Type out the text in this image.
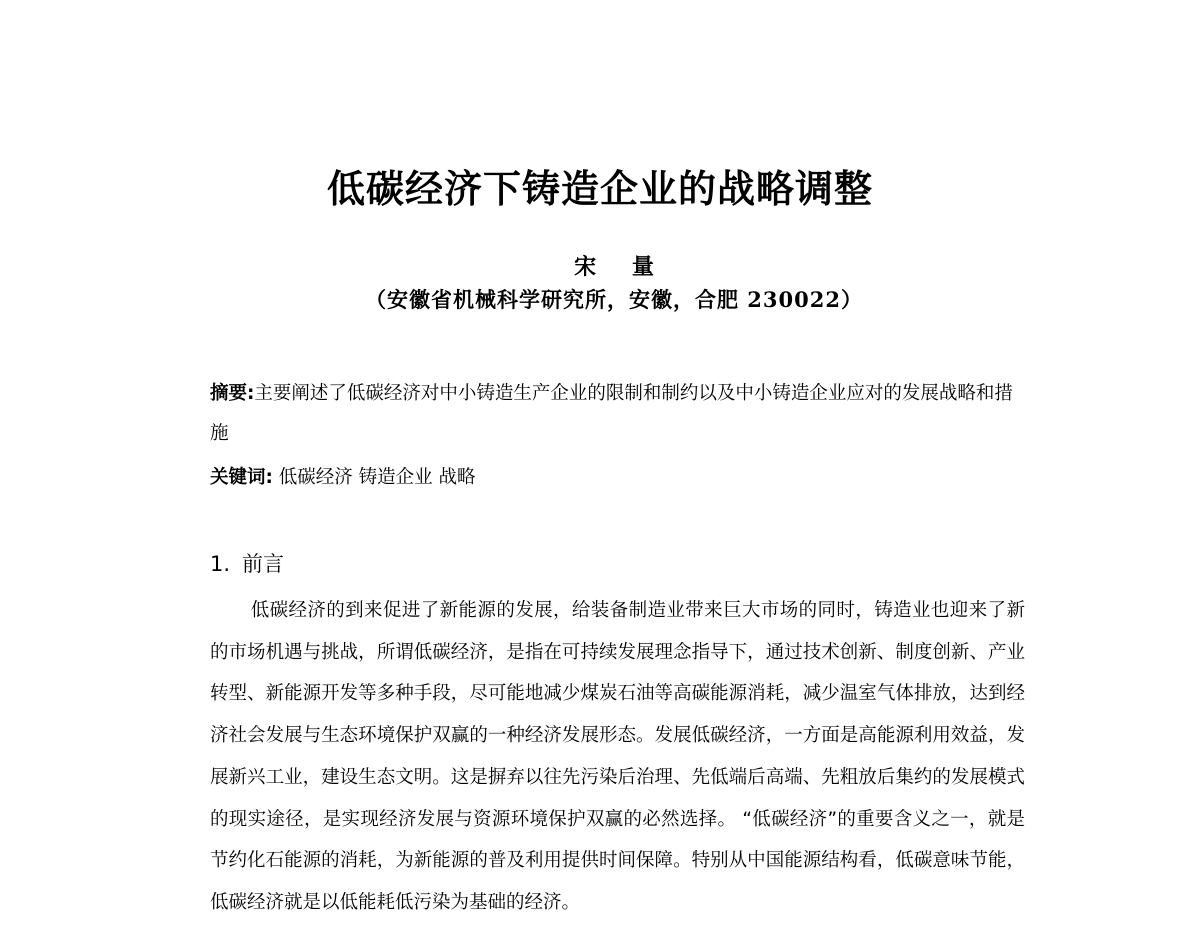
低碳经济下铸造企业的战略调整
宋 量
（安徽省机械科学研究所，安徽，合肥 230022）
摘要:主要阐述了低碳经济对中小铸造生产企业的限制和制约以及中小铸造企业应对的发展战略和措施
关键词: 低碳经济 铸造企业 战略
1. 前言
低碳经济的到来促进了新能源的发展，给装备制造业带来巨大市场的同时，铸造业也迎来了新的市场机遇与挑战，所谓低碳经济，是指在可持续发展理念指导下，通过技术创新、制度创新、产业转型、新能源开发等多种手段，尽可能地减少煤炭石油等高碳能源消耗，减少温室气体排放，达到经济社会发展与生态环境保护双赢的一种经济发展形态。发展低碳经济，一方面是高能源利用效益，发展新兴工业，建设生态文明。这是摒弃以往先污染后治理、先低端后高端、先粗放后集约的发展模式的现实途径，是实现经济发展与资源环境保护双赢的必然选择。 “低碳经济”的重要含义之一，就是节约化石能源的消耗，为新能源的普及利用提供时间保障。特别从中国能源结构看，低碳意味节能，低碳经济就是以低能耗低污染为基础的经济。
